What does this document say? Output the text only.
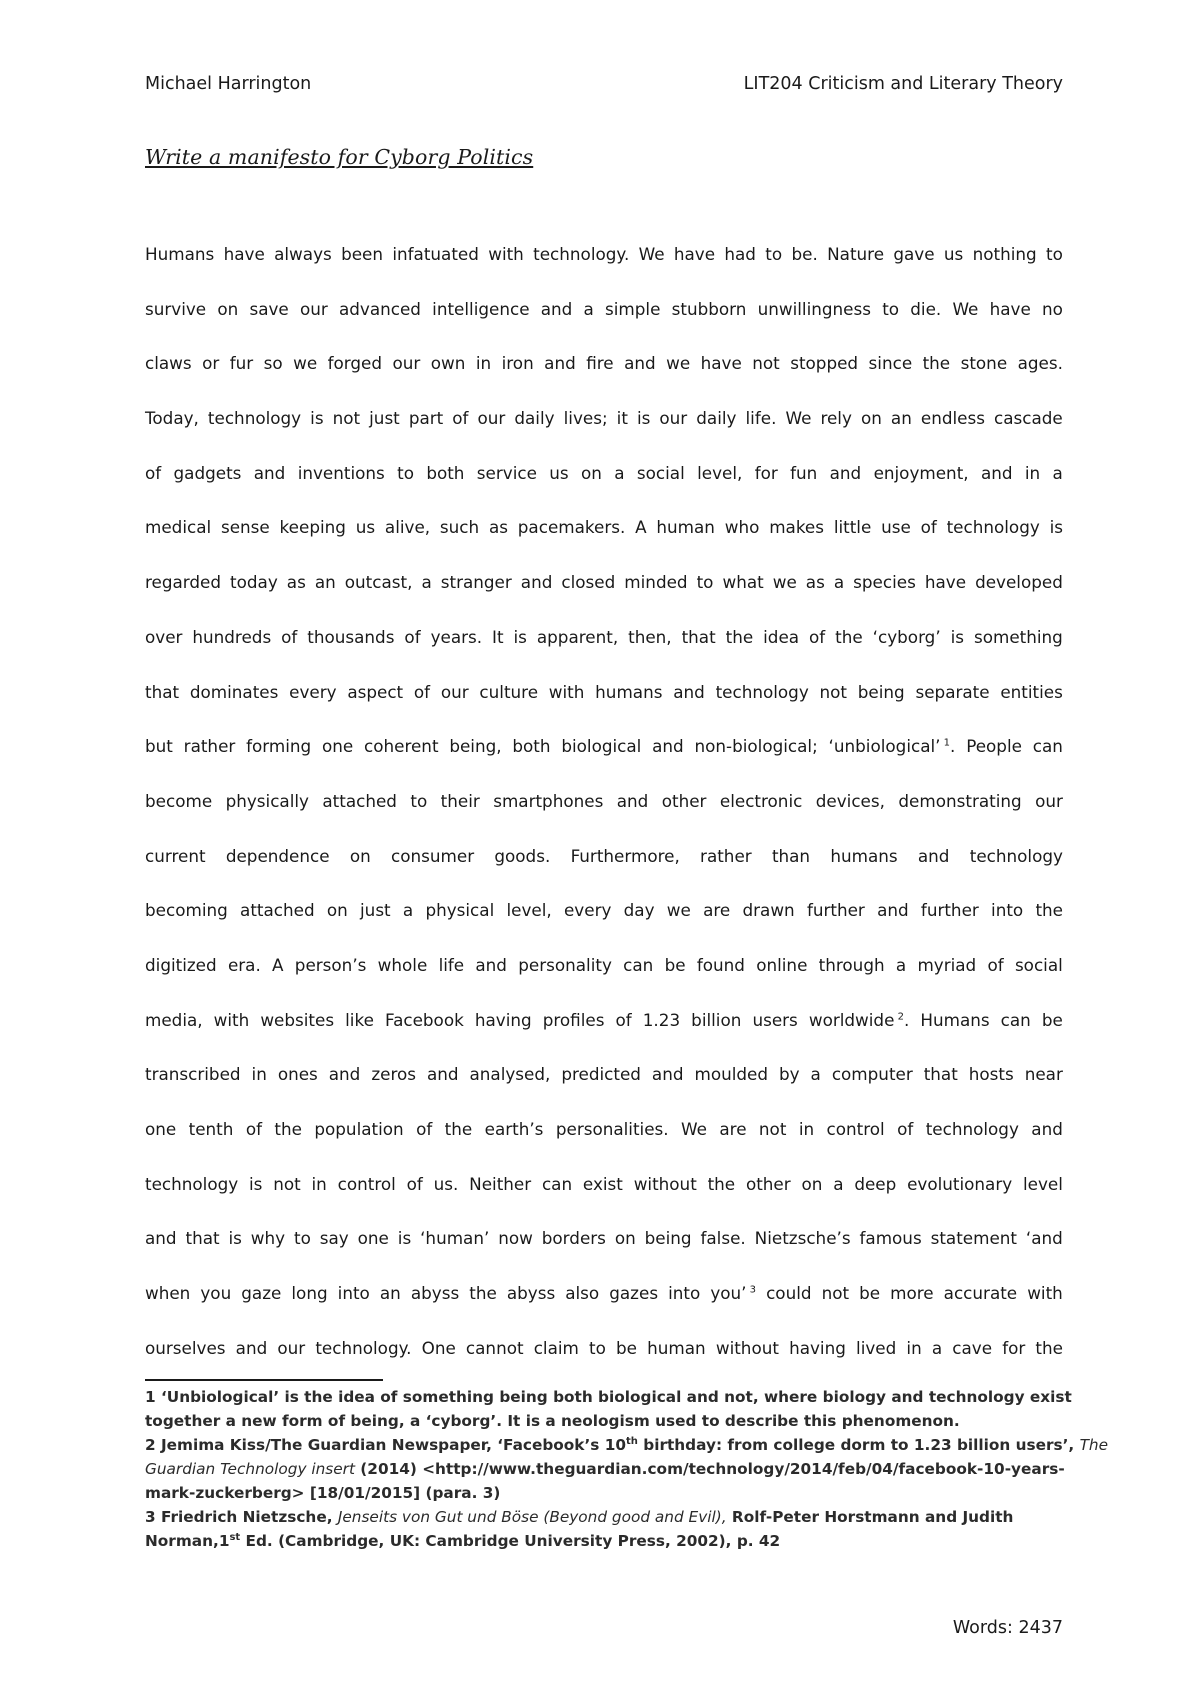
Michael Harrington	LIT204 Criticism and Literary Theory
Write a manifesto for Cyborg Politics
Humans have always been infatuated with technology. We have had to be. Nature gave us nothing to
survive on save our advanced intelligence and a simple stubborn unwillingness to die. We have no
claws or fur so we forged our own in iron and fire and we have not stopped since the stone ages.
Today, technology is not just part of our daily lives; it is our daily life. We rely on an endless cascade
of gadgets and inventions to both service us on a social level, for fun and enjoyment, and in a
medical sense keeping us alive, such as pacemakers. A human who makes little use of technology is
regarded today as an outcast, a stranger and closed minded to what we as a species have developed
over hundreds of thousands of years. It is apparent, then, that the idea of the ‘cyborg’ is something
that dominates every aspect of our culture with humans and technology not being separate entities
but rather forming one coherent being, both biological and non-biological; ‘unbiological’ $^1$. People can
become physically attached to their smartphones and other electronic devices, demonstrating our
current dependence on consumer goods. Furthermore, rather than humans and technology
becoming attached on just a physical level, every day we are drawn further and further into the
digitized era. A person’s whole life and personality can be found online through a myriad of social
media, with websites like Facebook having profiles of 1.23 billion users worldwide $^2$. Humans can be
transcribed in ones and zeros and analysed, predicted and moulded by a computer that hosts near
one tenth of the population of the earth’s personalities. We are not in control of technology and
technology is not in control of us. Neither can exist without the other on a deep evolutionary level
and that is why to say one is ‘human’ now borders on being false. Nietzsche’s famous statement ‘and
when you gaze long into an abyss the abyss also gazes into you’ $^3$ could not be more accurate with
ourselves and our technology. One cannot claim to be human without having lived in a cave for the
1 ‘Unbiological’ is the idea of something being both biological and not, where biology and technology exist
together a new form of being, a ‘cyborg’. It is a neologism used to describe this phenomenon.
2 Jemima Kiss/The Guardian Newspaper, ‘Facebook’s 10th birthday: from college dorm to 1.23 billion users’, The
Guardian Technology insert (2014) <http://www.theguardian.com/technology/2014/feb/04/facebook-10-years-
mark-zuckerberg> [18/01/2015] (para. 3)
3 Friedrich Nietzsche, Jenseits von Gut und Böse (Beyond good and Evil), Rolf-Peter Horstmann and Judith
Norman,1st Ed. (Cambridge, UK: Cambridge University Press, 2002), p. 42
Words: 2437
